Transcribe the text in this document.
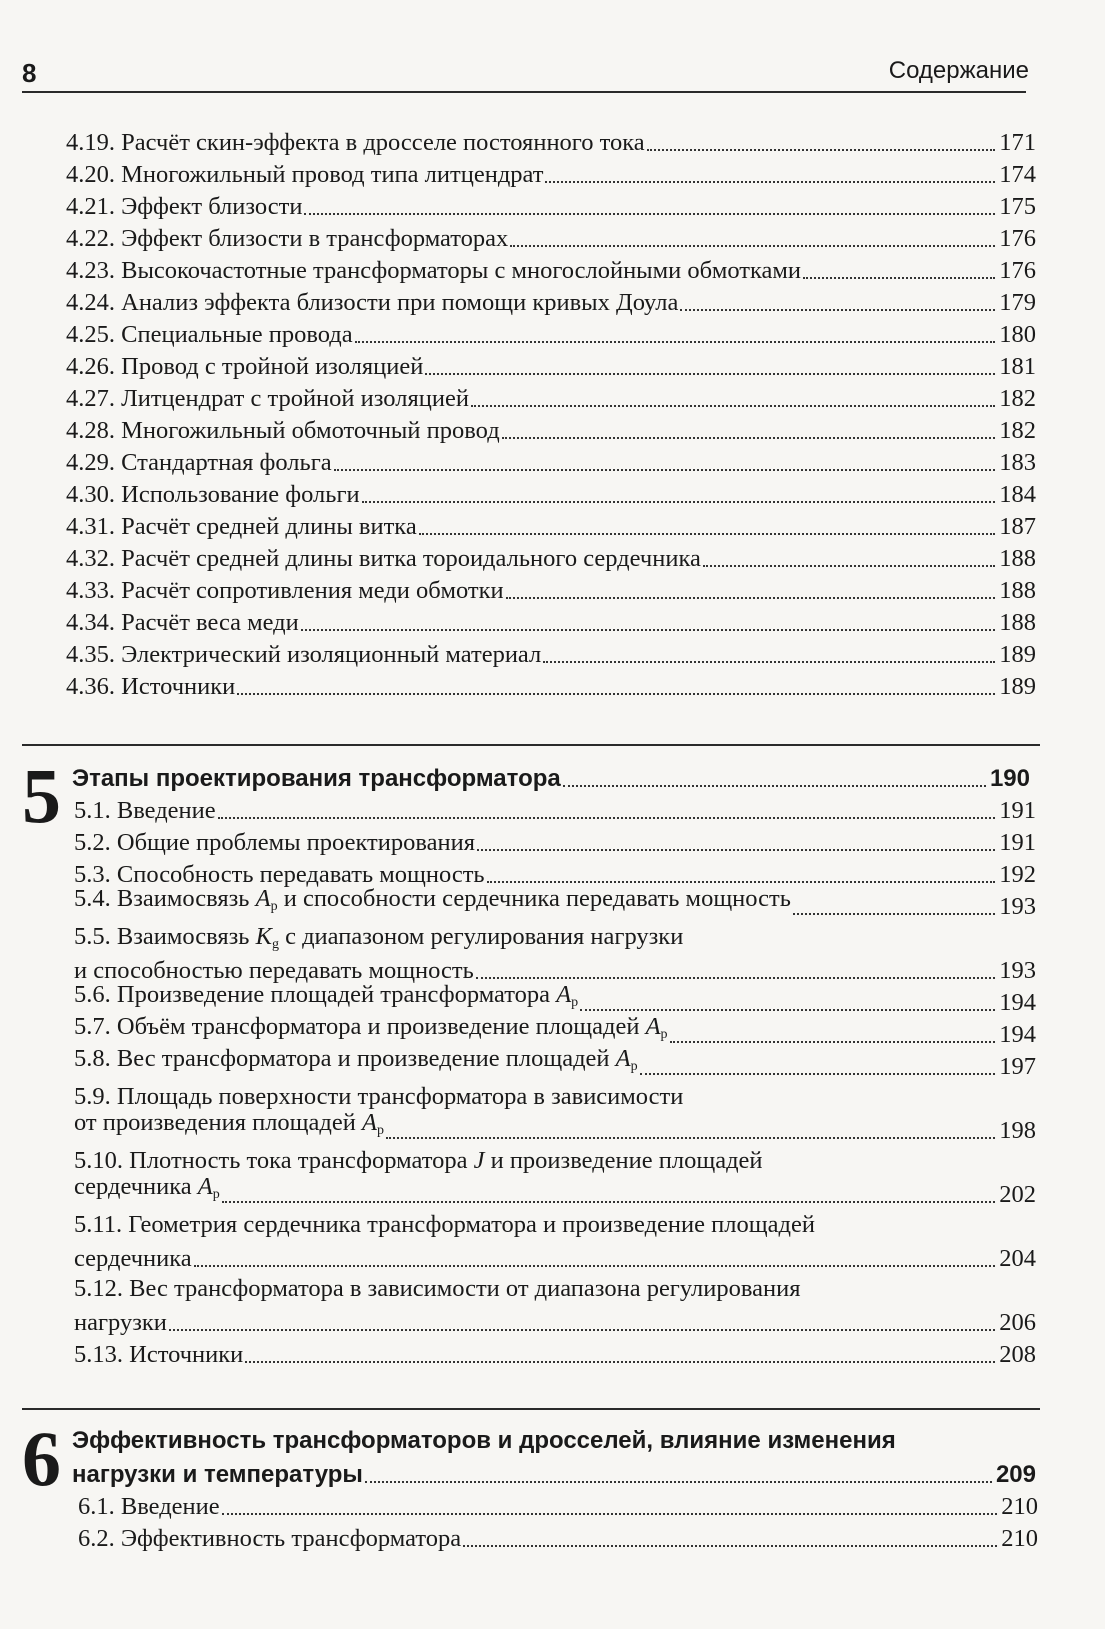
8	Содержание
4.19. Расчёт скин-эффекта в дросселе постоянного тока	171
4.20. Многожильный провод типа литцендрат	174
4.21. Эффект близости	175
4.22. Эффект близости в трансформаторах	176
4.23. Высокочастотные трансформаторы с многослойными обмотками	176
4.24. Анализ эффекта близости при помощи кривых Доула	179
4.25. Специальные провода	180
4.26. Провод с тройной изоляцией	181
4.27. Литцендрат с тройной изоляцией	182
4.28. Многожильный обмоточный провод	182
4.29. Стандартная фольга	183
4.30. Использование фольги	184
4.31. Расчёт средней длины витка	187
4.32. Расчёт средней длины витка тороидального сердечника	188
4.33. Расчёт сопротивления меди обмотки	188
4.34. Расчёт веса меди	188
4.35. Электрический изоляционный материал	189
4.36. Источники	189
5 Этапы проектирования трансформатора	190
5.1. Введение	191
5.2. Общие проблемы проектирования	191
5.3. Способность передавать мощность	192
5.4. Взаимосвязь $A_p$ и способности сердечника передавать мощность	193
5.5. Взаимосвязь $K_g$ с диапазоном регулирования нагрузки
и способностью передавать мощность	193
5.6. Произведение площадей трансформатора $A_p$	194
5.7. Объём трансформатора и произведение площадей $A_p$	194
5.8. Вес трансформатора и произведение площадей $A_p$	197
5.9. Площадь поверхности трансформатора в зависимости
от произведения площадей $A_p$	198
5.10. Плотность тока трансформатора J и произведение площадей
сердечника $A_p$	202
5.11. Геометрия сердечника трансформатора и произведение площадей
сердечника	204
5.12. Вес трансформатора в зависимости от диапазона регулирования
нагрузки	206
5.13. Источники	208
6 Эффективность трансформаторов и дросселей, влияние изменения
нагрузки и температуры	209
6.1. Введение	210
6.2. Эффективность трансформатора	210
